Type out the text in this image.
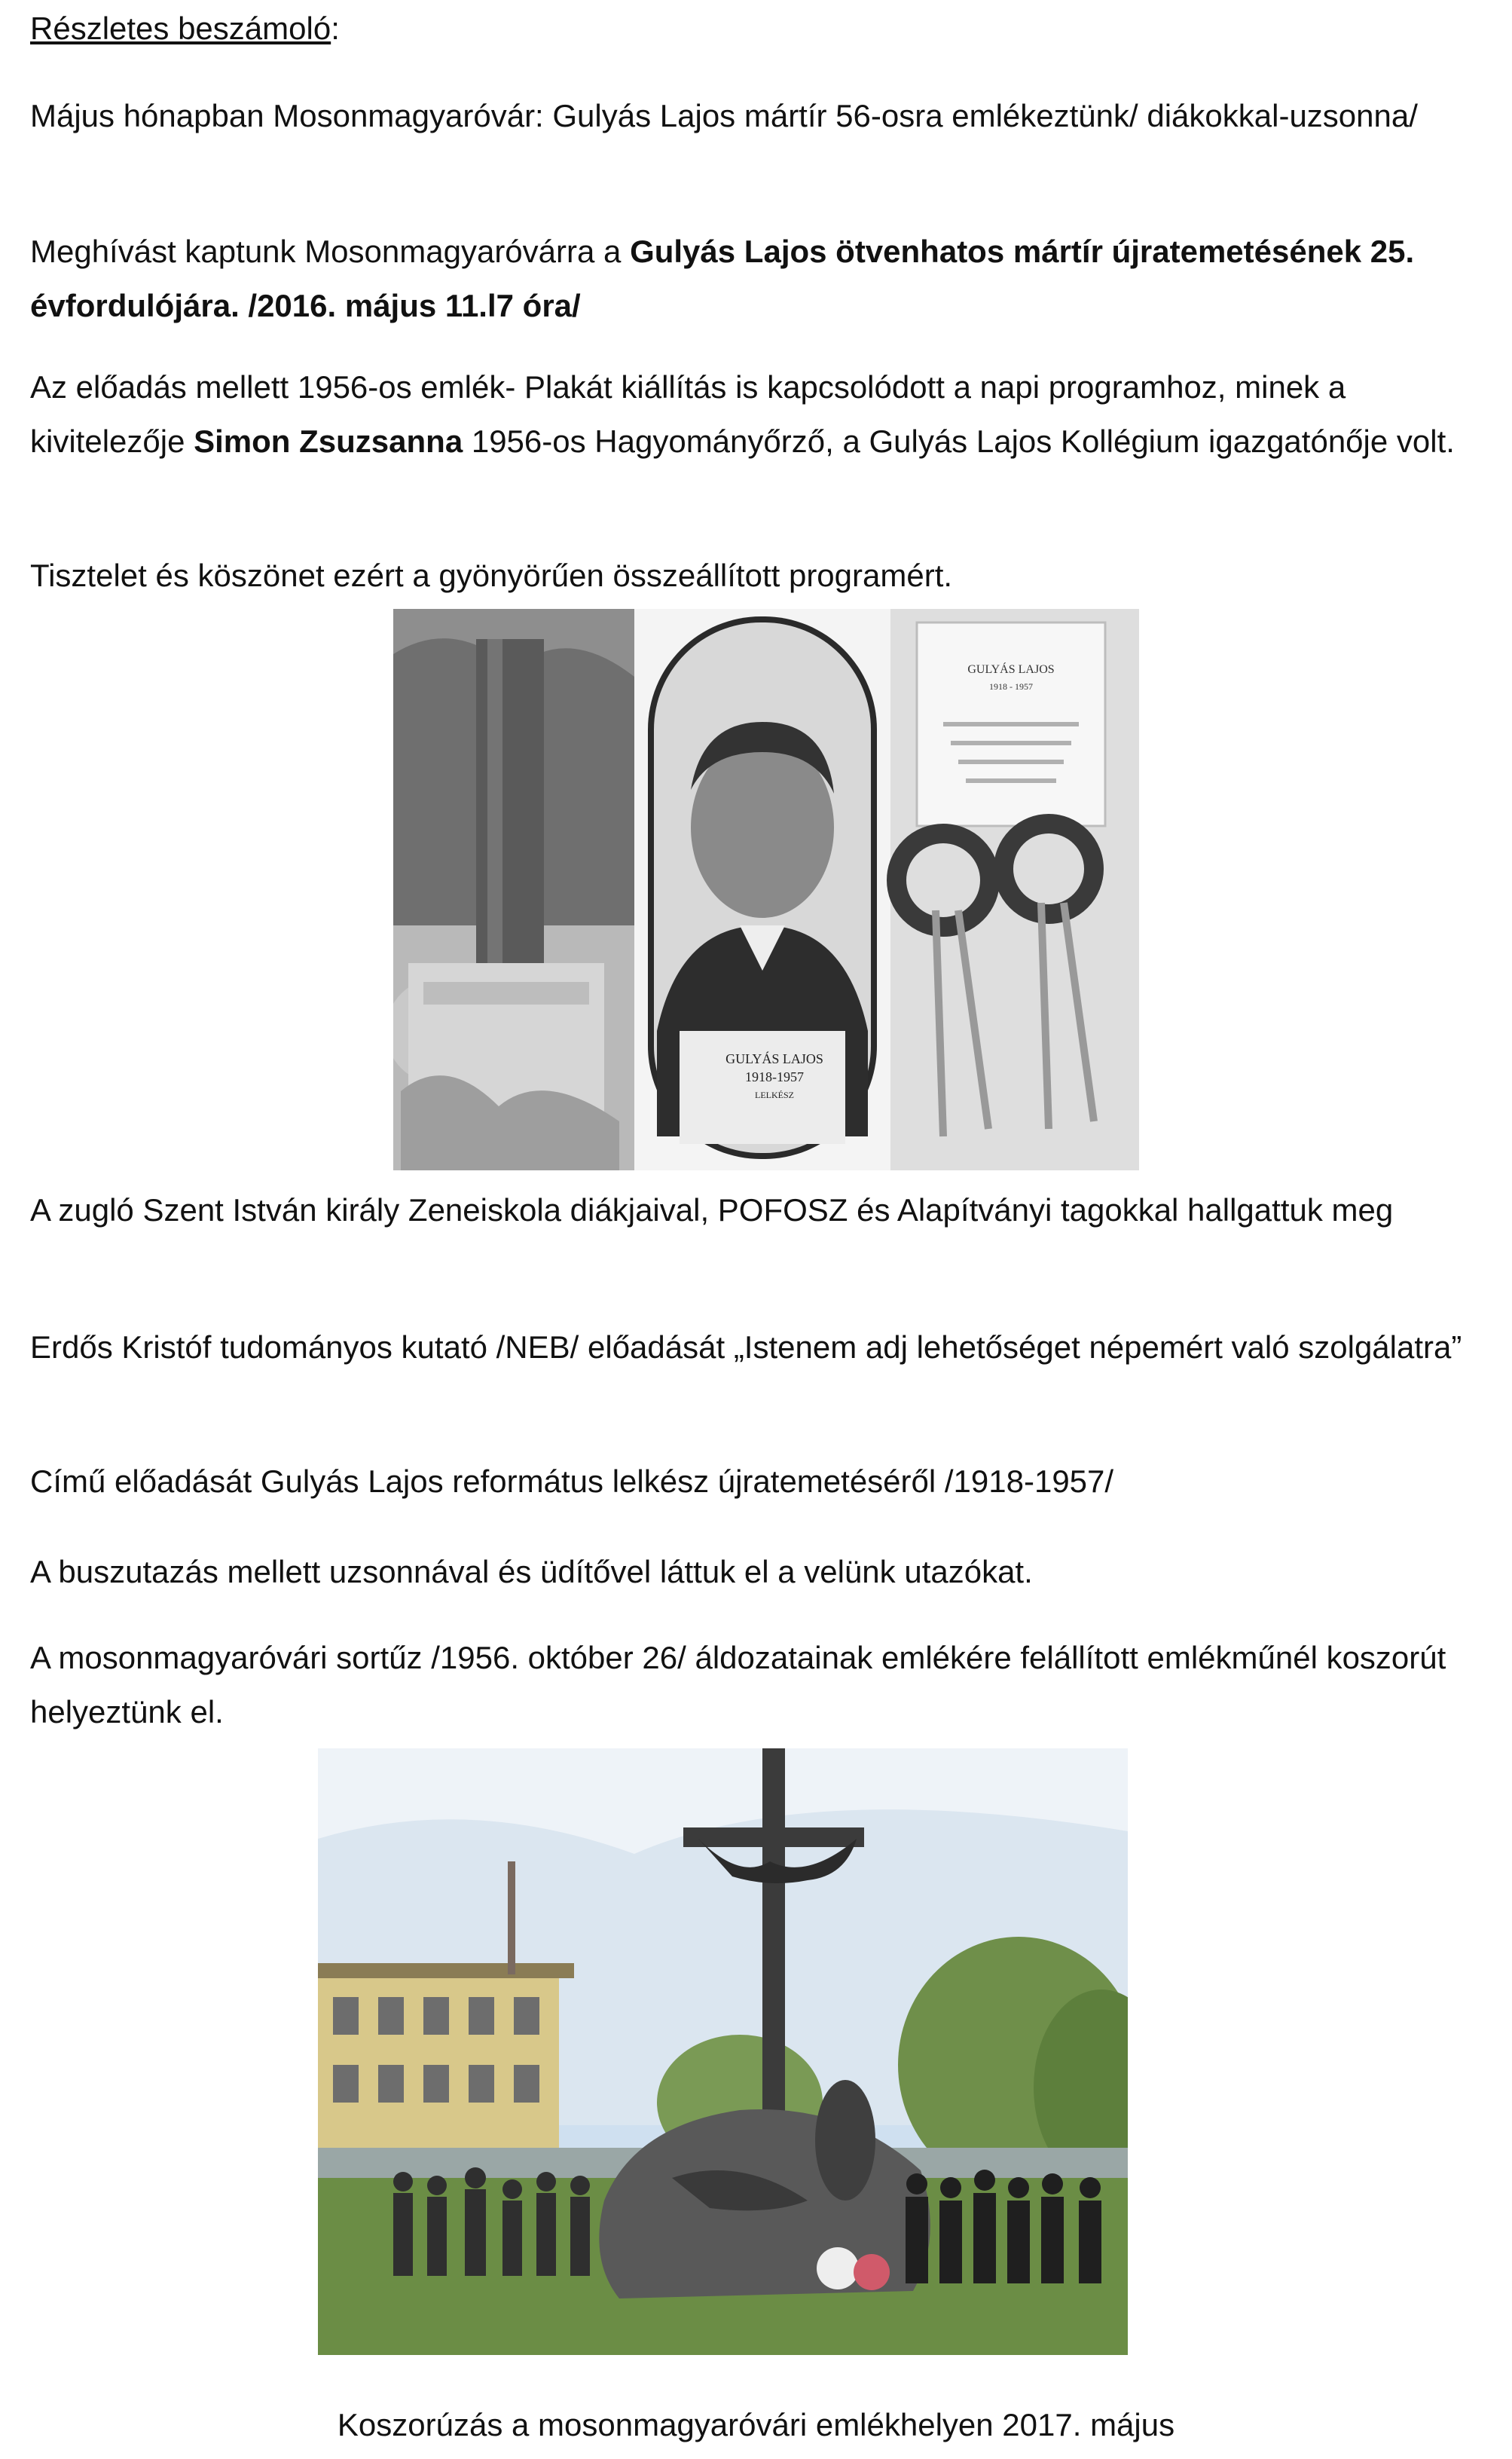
Részletes beszámoló:

Május hónapban Mosonmagyaróvár: Gulyás Lajos mártír 56-osra emlékeztünk/ diákokkal-uzsonna/

Meghívást kaptunk Mosonmagyaróvárra a Gulyás Lajos ötvenhatos mártír újratemetésének 25. évfordulójára. /2016. május 11.l7 óra/

Az előadás mellett 1956-os emlék- Plakát kiállítás is kapcsolódott a napi programhoz, minek a kivitelezője Simon Zsuzsanna 1956-os Hagyományőrző, a Gulyás Lajos Kollégium igazgatónője volt.

Tisztelet és köszönet ezért a gyönyörűen összeállított programért.

GULYÁS LAJOS
1918-1957
LELKÉSZ
GULYÁS LAJOS
1918 - 1957

A zugló Szent István király Zeneiskola diákjaival, POFOSZ és Alapítványi tagokkal hallgattuk meg

Erdős Kristóf tudományos kutató /NEB/ előadását „Istenem adj lehetőséget népemért való szolgálatra”

Című előadását Gulyás Lajos református lelkész újratemetéséről /1918-1957/

A buszutazás mellett uzsonnával és üdítővel láttuk el a velünk utazókat.

A mosonmagyaróvári sortűz /1956. október 26/ áldozatainak emlékére felállított emlékműnél koszorút helyeztünk el.

Koszorúzás a mosonmagyaróvári emlékhelyen 2017. május
